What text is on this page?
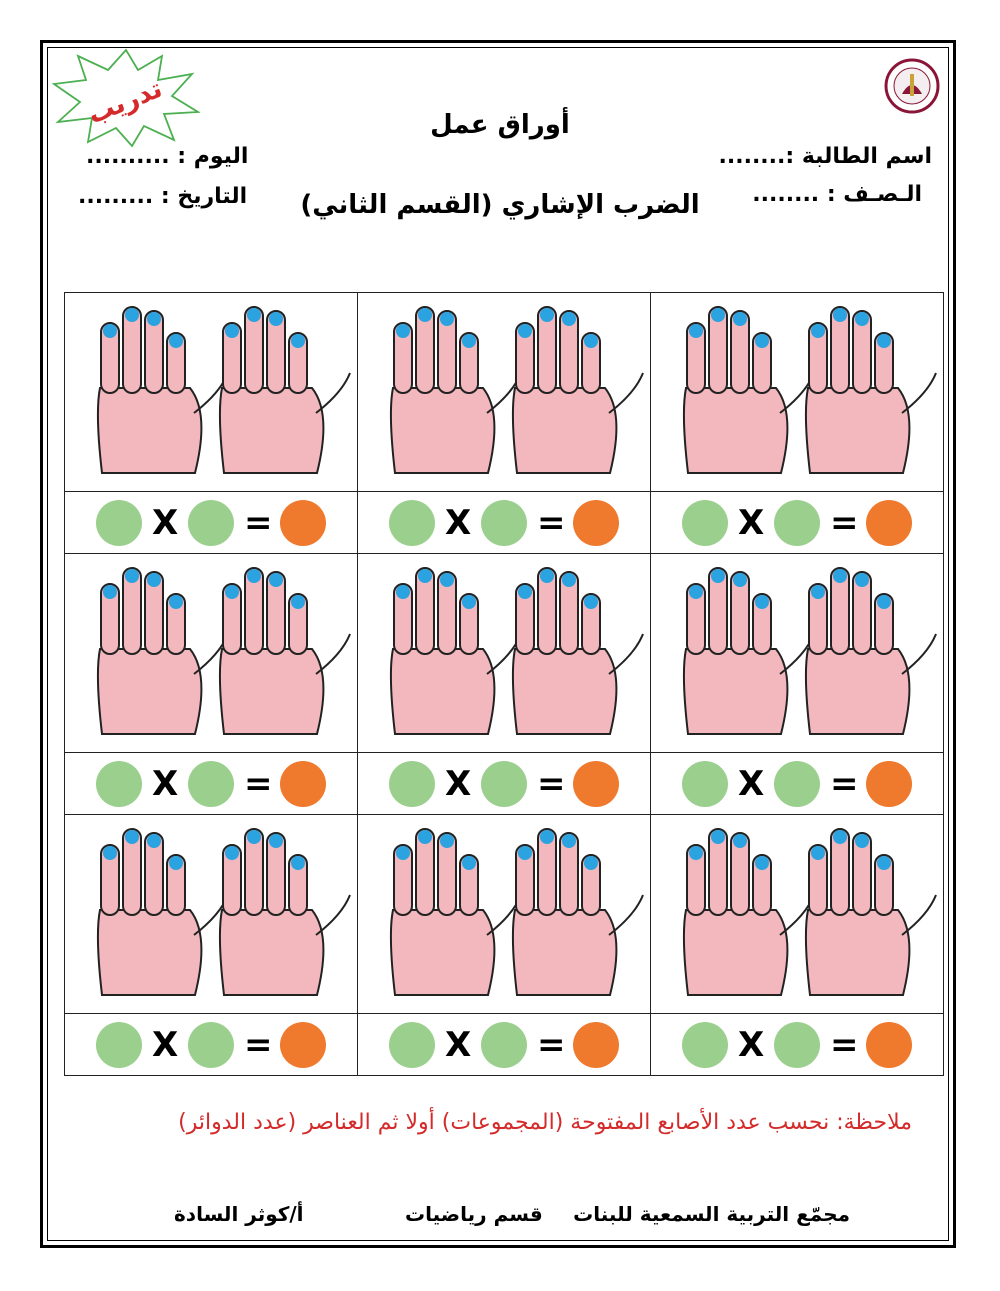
تدريب	أوراق عمل
الضرب الإشاري (القسم الثاني)
اسم الطالبة :........
الـصـف : ........
اليوم : ..........
التاريخ : .........

X =	X =	X =

X =	X =	X =

X =	X =	X =
ملاحظة: نحسب عدد الأصابع المفتوحة (المجموعات) أولا ثم العناصر (عدد الدوائر)
مجمّع التربية السمعية للبنات
قسم رياضيات
أ/كوثر السادة
